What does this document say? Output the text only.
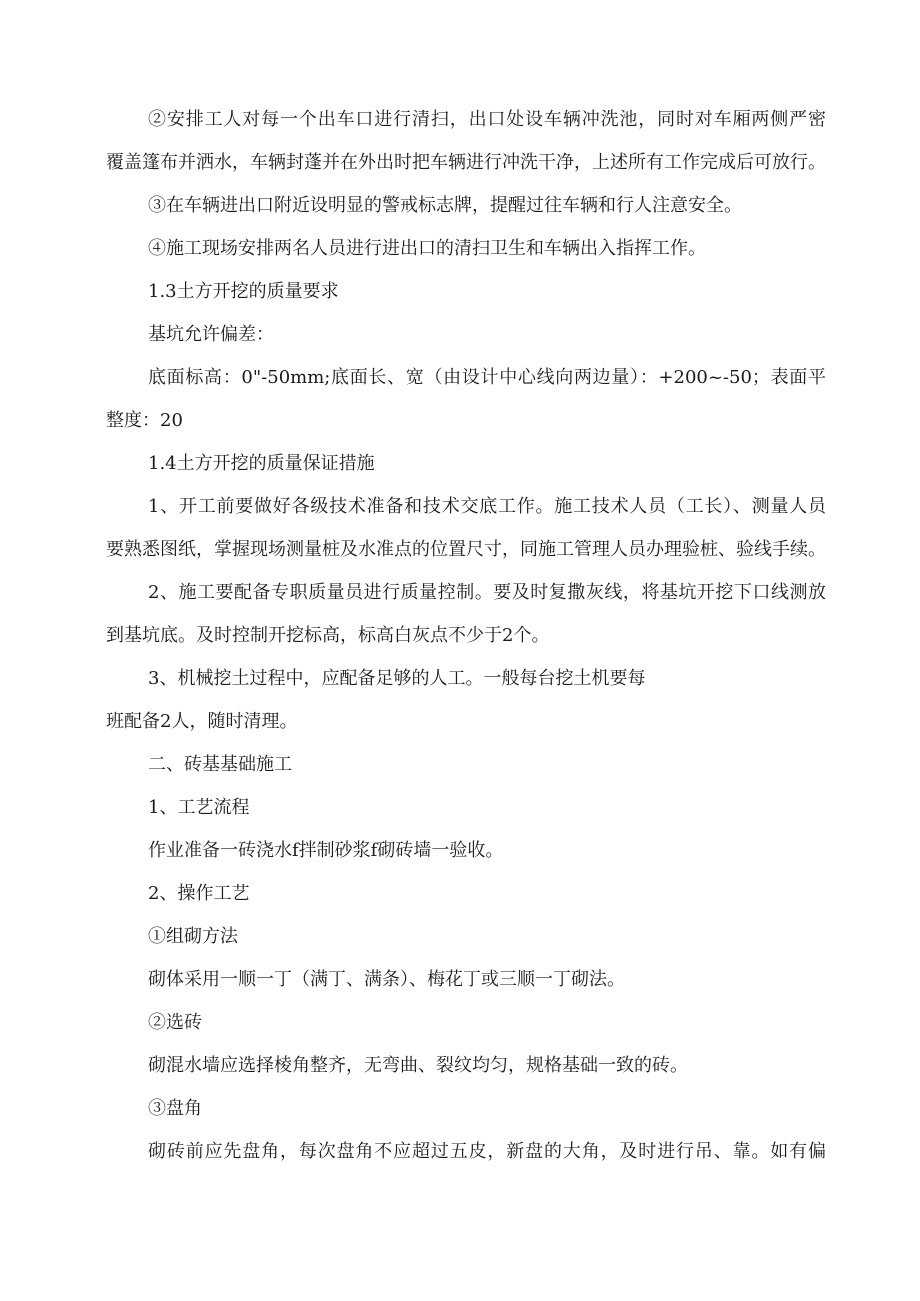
②安排工人对每一个出车口进行清扫，出口处设车辆冲洗池，同时对车厢两侧严密
覆盖篷布并洒水，车辆封蓬并在外出时把车辆进行冲洗干净，上述所有工作完成后可放行。
③在车辆进出口附近设明显的警戒标志牌，提醒过往车辆和行人注意安全。
④施工现场安排两名人员进行进出口的清扫卫生和车辆出入指挥工作。
1.3土方开挖的质量要求
基坑允许偏差：
底面标高：0"-50mm;底面长、宽（由设计中心线向两边量）：+200~-50；表面平
整度：20
1.4土方开挖的质量保证措施
1、开工前要做好各级技术准备和技术交底工作。施工技术人员（工长）、测量人员
要熟悉图纸，掌握现场测量桩及水准点的位置尺寸，同施工管理人员办理验桩、验线手续。
2、施工要配备专职质量员进行质量控制。要及时复撒灰线，将基坑开挖下口线测放
到基坑底。及时控制开挖标高，标高白灰点不少于2个。
3、机械挖土过程中，应配备足够的人工。一般每台挖土机要每
班配备2人，随时清理。
二、砖基基础施工
1、工艺流程
作业准备一砖浇水f拌制砂浆f砌砖墙一验收。
2、操作工艺
①组砌方法
砌体采用一顺一丁（满丁、满条）、梅花丁或三顺一丁砌法。
②选砖
砌混水墙应选择棱角整齐，无弯曲、裂纹均匀，规格基础一致的砖。
③盘角
砌砖前应先盘角，每次盘角不应超过五皮，新盘的大角，及时进行吊、靠。如有偏
